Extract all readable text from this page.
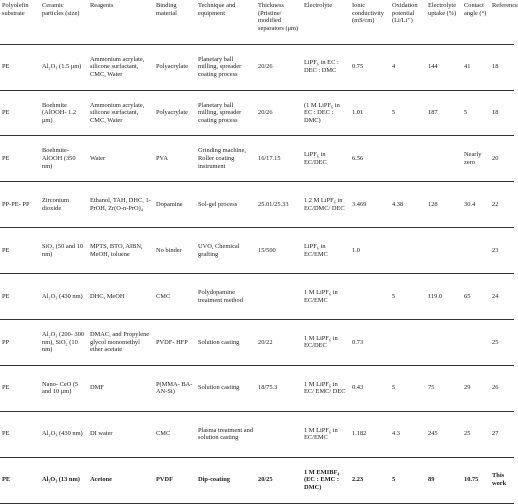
Polyolefin substrate	Ceramic particles (size)	Reagents	Binding material	Technique and equipment	Thickness (Pristine/ modified separators (μm)	Electrolyte	Ionic conductivity (mS/cm)	Oxidation potential (Li/Li⁺)	Electrolyte uptake (%)	Contact angle (°)	Reference
PE	Al₂O₃ (1.5 μm)	Ammonium acrylate, silicone surfactant, CMC, Water	Polyacrylate	Planetary ball milling, spreader coating process	20/26	LiPF₆ in EC : DEC : DMC	0.75	4	144	41	18
PE	Boehmite (AlOOH- 1.2 μm)	Ammonium acrylate, silicone surfactant, CMC, Water	Polyacrylate	Planetary ball milling, spreader coating process	20/26	(1 M LiPF₆ in EC : DEC : DMC)	1.01	5	187	5	18
PE	Boehmite- AlOOH (350 nm)	Water	PVA	Grinding machine, Roller coating instrument	16/17.15	LiPF₆ in EC/DEC	6.56			Nearly zero	20
PP-PE- PP	Zirconium dioxide	Ethanol, TAH, DHC, 1-PrOH, Zr(O-n-PrO)₄	Dopamine	Sol-gel process	25.01/25.33	1.2 M LiPF₆ in EC/DMC/ DEC	3.469	4.38	128	30.4	22
PE	SiO₂ (50 and 10 nm)	MPTS, BTO, AIBN, MeOH, toluene	No binder	UVO, Chemical grafting	15/500	LiPF₆ in EC/EMC	1.0				23
PE	Al₂O₃ (430 nm)	DHC, MeOH	CMC	Polydopamine treatment method		1 M LiPF₆ in EC/EMC		5	119.0	65	24
PP	Al₂O₃ (200- 300 nm), SiO₂ (10 nm)	DMAC, and Propylene glycol monomethyl ether acetate	PVDF- HFP	Solution casting	20/22	1 M LiPF₆ in EC/DEC	0.73				25
PE	Nano- CeO (5 and 10 μm)	DMF	P(MMA- BA-AN-St)	Solution casting	18/75.3	1 M LiPF₆ in EC/ EMC/ DEC	0.43	5	75	29	26
PE	Al₂O₃ (430 nm)	DI water	CMC	Plasma treatment and solution casting		1 M LiPF₆ in EC/EMC	1.182	4.3	245	25	27
PE	Al₂O₃ (13 nm)	Acetone	PVDF	Dip-coating	20/25	1 M EMIBF₄ (EC : EMC : DMC)	2.23	5	89	10.75	This work
